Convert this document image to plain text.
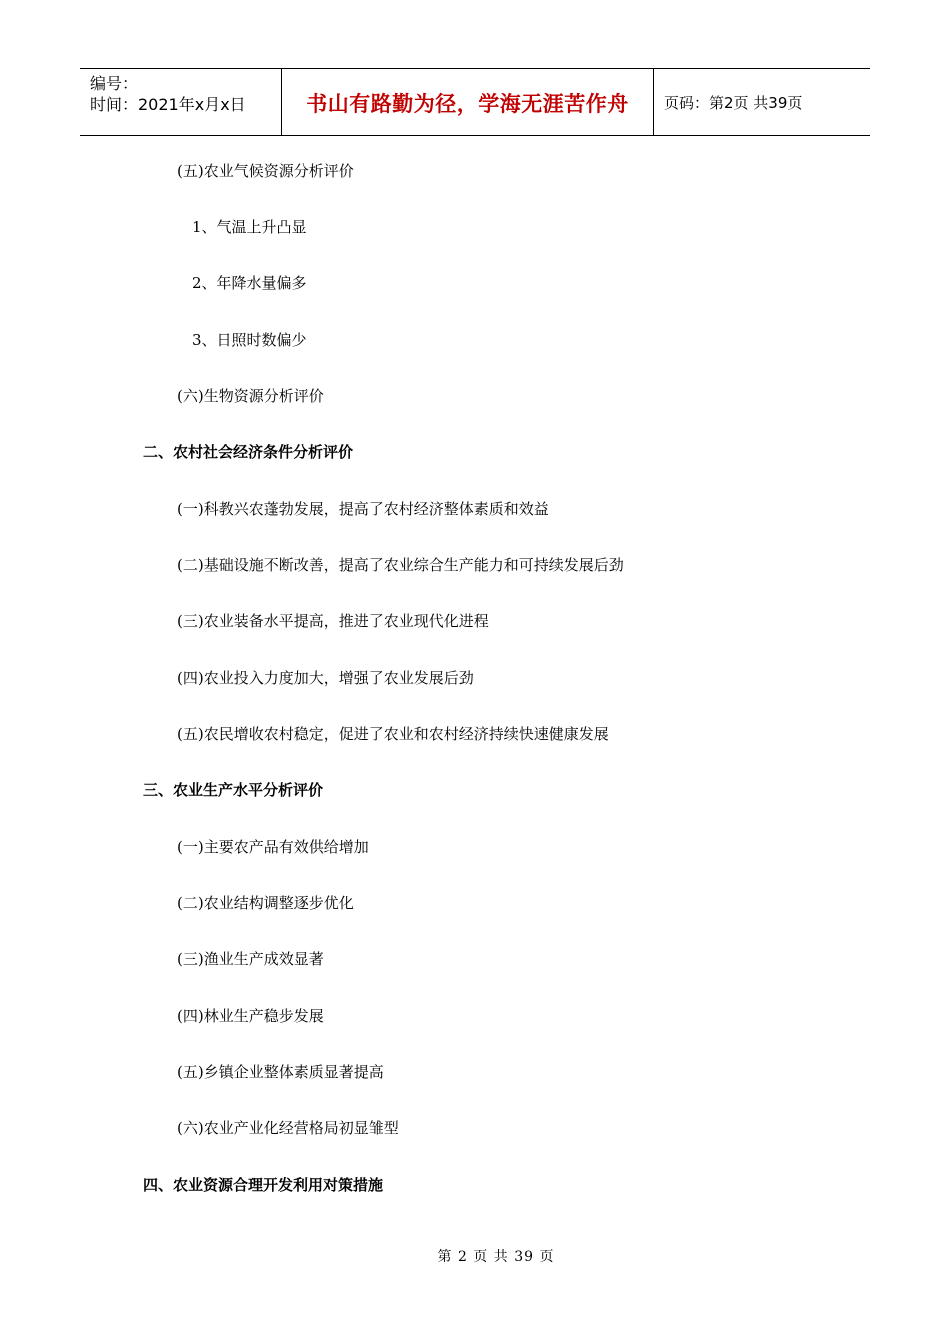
编号：
时间：2021年x月x日	书山有路勤为径，学海无涯苦作舟 页码：第2页 共39页
(五)农业气候资源分析评价
1、气温上升凸显
2、年降水量偏多
3、日照时数偏少
(六)生物资源分析评价
二、农村社会经济条件分析评价
(一)科教兴农蓬勃发展，提高了农村经济整体素质和效益
(二)基础设施不断改善，提高了农业综合生产能力和可持续发展后劲
(三)农业装备水平提高，推进了农业现代化进程
(四)农业投入力度加大，增强了农业发展后劲
(五)农民增收农村稳定，促进了农业和农村经济持续快速健康发展
三、农业生产水平分析评价
(一)主要农产品有效供给增加
(二)农业结构调整逐步优化
(三)渔业生产成效显著
(四)林业生产稳步发展
(五)乡镇企业整体素质显著提高
(六)农业产业化经营格局初显雏型
四、农业资源合理开发利用对策措施
第 2 页 共 39 页
